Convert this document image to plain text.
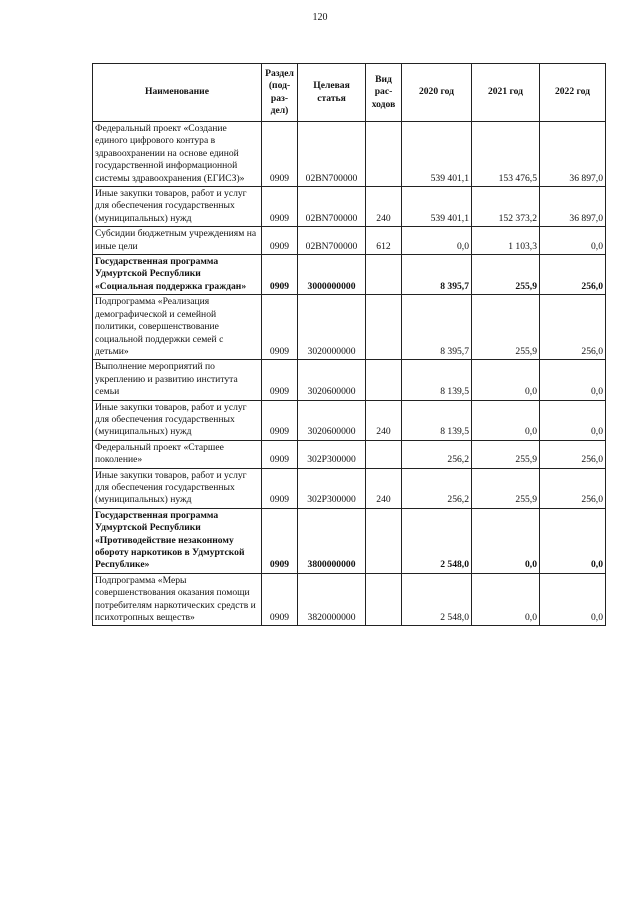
120
Наименование	Раздел (под-раз-дел)	Целевая статья	Вид рас-ходов	2020 год	2021 год	2022 год
Федеральный проект «Создание единого цифрового контура в здравоохранении на основе единой государственной информационной системы здравоохранения (ЕГИСЗ)»	0909	02BN700000		539 401,1	153 476,5	36 897,0
Иные закупки товаров, работ и услуг для обеспечения государственных (муниципальных) нужд	0909	02BN700000	240	539 401,1	152 373,2	36 897,0
Субсидии бюджетным учреждениям на иные цели	0909	02BN700000	612	0,0	1 103,3	0,0
Государственная программа Удмуртской Республики «Социальная поддержка граждан»	0909	3000000000		8 395,7	255,9	256,0
Подпрограмма «Реализация демографической и семейной политики, совершенствование социальной поддержки семей с детьми»	0909	3020000000		8 395,7	255,9	256,0
Выполнение мероприятий по укреплению и развитию института семьи	0909	3020600000		8 139,5	0,0	0,0
Иные закупки товаров, работ и услуг для обеспечения государственных (муниципальных) нужд	0909	3020600000	240	8 139,5	0,0	0,0
Федеральный проект «Старшее поколение»	0909	302P300000		256,2	255,9	256,0
Иные закупки товаров, работ и услуг для обеспечения государственных (муниципальных) нужд	0909	302P300000	240	256,2	255,9	256,0
Государственная программа Удмуртской Республики «Противодействие незаконному обороту наркотиков в Удмуртской Республике»	0909	3800000000		2 548,0	0,0	0,0
Подпрограмма «Меры совершенствования оказания помощи потребителям наркотических средств и психотропных веществ»	0909	3820000000		2 548,0	0,0	0,0
